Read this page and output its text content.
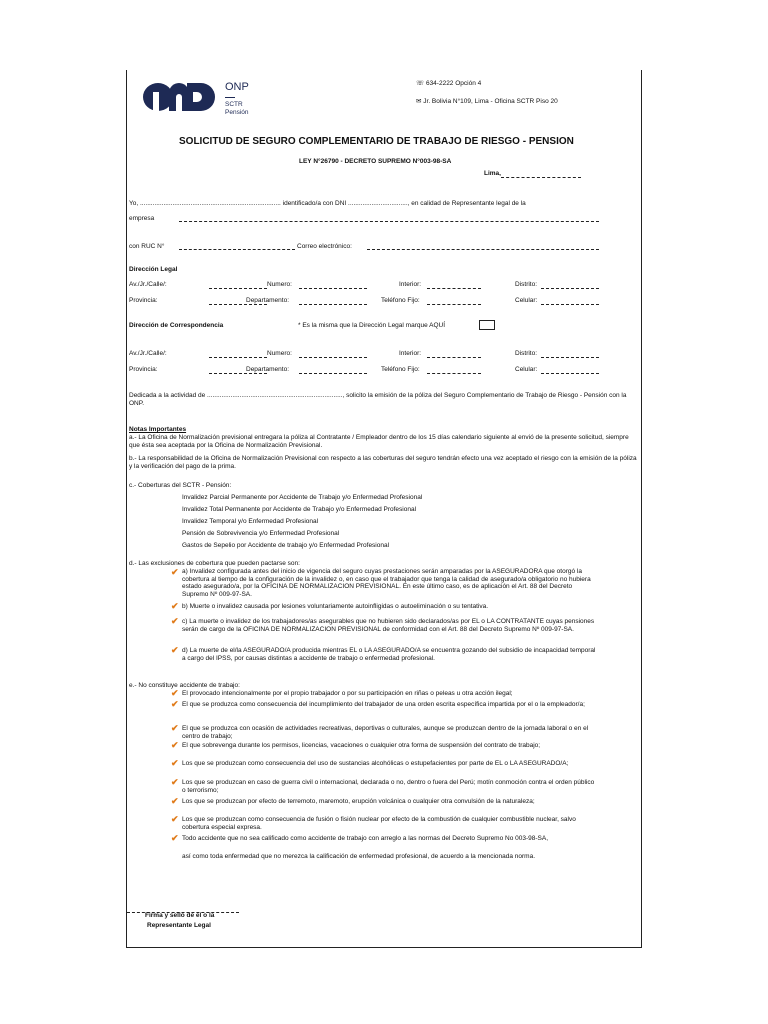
ONP
SCTR
Pensión
☏ 634-2222 Opción 4
✉ Jr. Bolivia N°109, Lima - Oficina SCTR Piso 20
SOLICITUD DE SEGURO COMPLEMENTARIO DE TRABAJO DE RIESGO - PENSION
LEY N°26790 - DECRETO SUPREMO N°003-98-SA
Lima,
Yo, .............................................................................. identificado/a con DNI ................................., en calidad de Representante legal de la
empresa
con RUC N°	Correo electrónico:
Dirección Legal
Av./Jr./Calle/:	Numero:	Interior:	Distrito:
Provincia:	Departamento:	Teléfono Fijo:	Celular:
Dirección de Correspondencia	* Es la misma que la Dirección Legal marque AQUÍ
Av./Jr./Calle/:	Numero:	Interior:	Distrito:
Provincia:	Departamento:	Teléfono Fijo:	Celular:
Dedicada a la actividad de ..........................................................................., solicito la emisión de la póliza del Seguro Complementario de Trabajo de Riesgo - Pensión con la ONP.
Notas Importantes
a.- La Oficina de Normalización previsional entregara la póliza al Contratante / Empleador dentro de los 15 días calendario siguiente al envió de la presente solicitud, siempre que ésta sea aceptada por la Oficina de Normalización Previsional.
b.- La responsabilidad de la Oficina de Normalización Previsional con respecto a las coberturas del seguro tendrán efecto una vez aceptado el riesgo con la emisión de la póliza y la verificación del pago de la prima.
c.- Coberturas del SCTR - Pensión:
Invalidez Parcial Permanente por Accidente de Trabajo y/o Enfermedad Profesional
Invalidez Total Permanente por Accidente de Trabajo y/o Enfermedad Profesional
Invalidez Temporal y/o Enfermedad Profesional
Pensión de Sobrevivencia y/o Enfermedad Profesional
Gastos de Sepelio por Accidente de trabajo y/o Enfermedad Profesional
d.- Las exclusiones de cobertura que pueden pactarse son:
✔ a) Invalidez configurada antes del inicio de vigencia del seguro cuyas prestaciones serán amparadas por la ASEGURADORA que otorgó la cobertura al tiempo de la configuración de la invalidez o, en caso que el trabajador que tenga la calidad de asegurado/a obligatorio no hubiera estado asegurado/a, por la OFICINA DE NORMALIZACION PREVISIONAL. En este último caso, es de aplicación el Art. 88 del Decreto Supremo Nº 009-97-SA.
✔ b) Muerte o invalidez causada por lesiones voluntariamente autoinfligidas o autoeliminación o su tentativa.
✔ c) La muerte o invalidez de los trabajadores/as asegurables que no hubieren sido declarados/as por EL o LA CONTRATANTE cuyas pensiones serán de cargo de la OFICINA DE NORMALIZACION PREVISIONAL de conformidad con el Art. 88 del Decreto Supremo Nº 009-97-SA.
✔ d) La muerte de el/la ASEGURADO/A producida mientras EL o LA ASEGURADO/A se encuentra gozando del subsidio de incapacidad temporal a cargo del IPSS, por causas distintas a accidente de trabajo o enfermedad profesional.
e.- No constituye accidente de trabajo:
✔ El provocado intencionalmente por el propio trabajador o por su participación en riñas o peleas u otra acción ilegal;
✔ El que se produzca como consecuencia del incumplimiento del trabajador de una orden escrita específica impartida por el o la empleador/a;
✔ El que se produzca con ocasión de actividades recreativas, deportivas o culturales, aunque se produzcan dentro de la jornada laboral o en el centro de trabajo;
✔ El que sobrevenga durante los permisos, licencias, vacaciones o cualquier otra forma de suspensión del contrato de trabajo;
✔ Los que se produzcan como consecuencia del uso de sustancias alcohólicas o estupefacientes por parte de EL o LA ASEGURADO/A;
✔ Los que se produzcan en caso de guerra civil o internacional, declarada o no, dentro o fuera del Perú; motín conmoción contra el orden público o terrorismo;
✔ Los que se produzcan por efecto de terremoto, maremoto, erupción volcánica o cualquier otra convulsión de la naturaleza;
✔ Los que se produzcan como consecuencia de fusión o fisión nuclear por efecto de la combustión de cualquier combustible nuclear, salvo cobertura especial expresa.
✔ Todo accidente que no sea calificado como accidente de trabajo con arreglo a las normas del Decreto Supremo No 003-98-SA,
así como toda enfermedad que no merezca la calificación de enfermedad profesional, de acuerdo a la mencionada norma.
Firma y sello de el o la
Representante Legal
